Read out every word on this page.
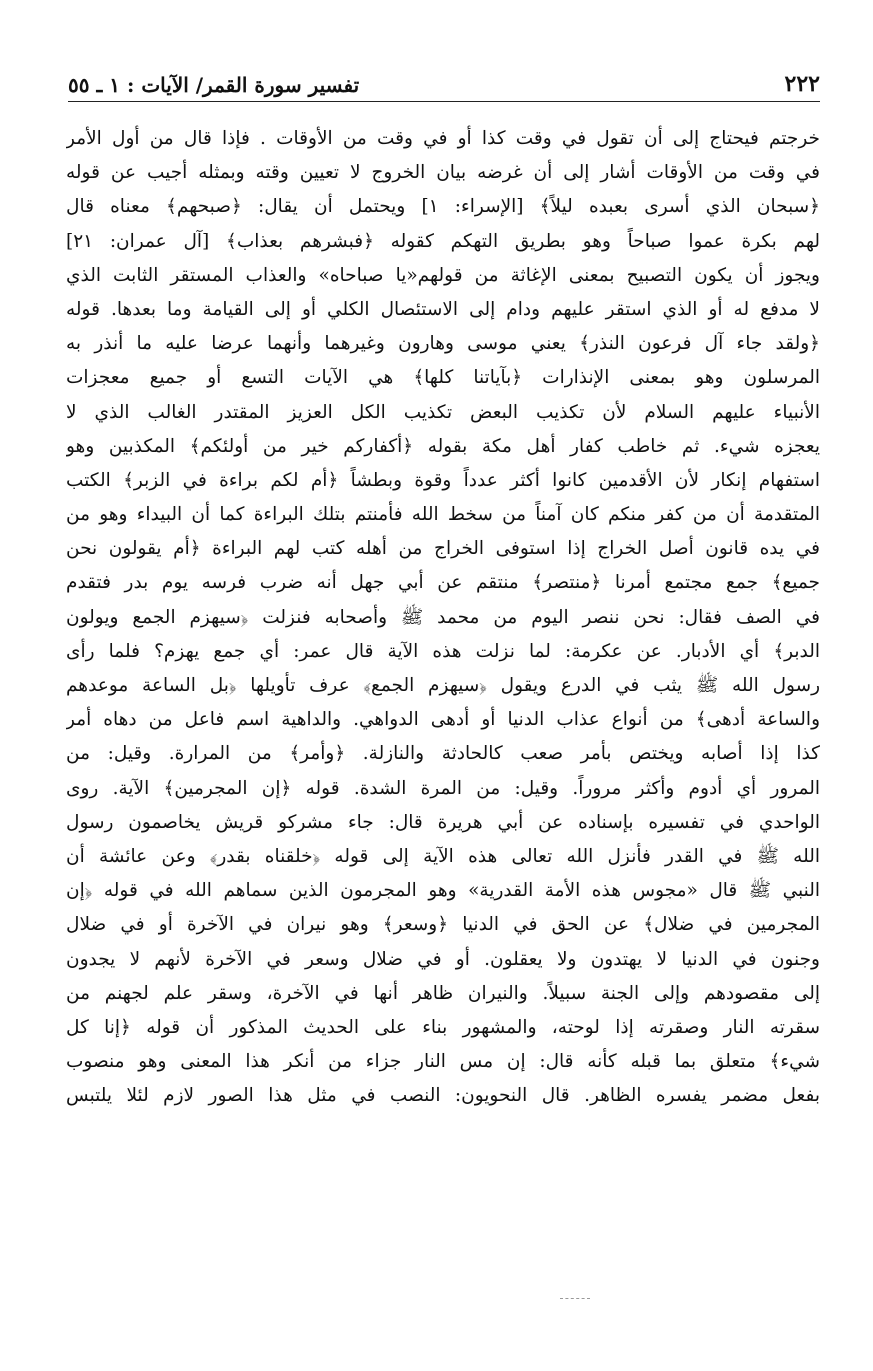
٢٢٢
تفسير سورة القمر/ الآيات : ١ ـ ٥٥
خرجتم فيحتاج إلى أن تقول في وقت كذا أو في وقت من الأوقات . فإذا قال من أول الأمر
في وقت من الأوقات أشار إلى أن غرضه بيان الخروج لا تعيين وقته وبمثله أجيب عن قوله
﴿سبحان الذي أسرى بعبده ليلاً﴾ [الإسراء: ١] ويحتمل أن يقال: ﴿صبحهم﴾ معناه قال
لهم بكرة عموا صباحاً وهو بطريق التهكم كقوله ﴿فبشرهم بعذاب﴾ [آل عمران: ٢١]
ويجوز أن يكون التصبيح بمعنى الإغاثة من قولهم«يا صباحاه» والعذاب المستقر الثابت الذي
لا مدفع له أو الذي استقر عليهم ودام إلى الاستئصال الكلي أو إلى القيامة وما بعدها. قوله
﴿ولقد جاء آل فرعون النذر﴾ يعني موسى وهارون وغيرهما وأنهما عرضا عليه ما أنذر به
المرسلون وهو بمعنى الإنذارات ﴿بآياتنا كلها﴾ هي الآيات التسع أو جميع معجزات
الأنبياء عليهم السلام لأن تكذيب البعض تكذيب الكل العزيز المقتدر الغالب الذي لا
يعجزه شيء. ثم خاطب كفار أهل مكة بقوله ﴿أكفاركم خير من أولئكم﴾ المكذبين وهو
استفهام إنكار لأن الأقدمين كانوا أكثر عدداً وقوة وبطشاً ﴿أم لكم براءة في الزبر﴾ الكتب
المتقدمة أن من كفر منكم كان آمناً من سخط الله فأمنتم بتلك البراءة كما أن البيداء وهو من
في يده قانون أصل الخراج إذا استوفى الخراج من أهله كتب لهم البراءة ﴿أم يقولون نحن
جميع﴾ جمع مجتمع أمرنا ﴿منتصر﴾ منتقم عن أبي جهل أنه ضرب فرسه يوم بدر فتقدم
في الصف فقال: نحن ننصر اليوم من محمد ﷺ وأصحابه فنزلت ﴿سيهزم الجمع ويولون
الدبر﴾ أي الأدبار. عن عكرمة: لما نزلت هذه الآية قال عمر: أي جمع يهزم؟ فلما رأى
رسول الله ﷺ يثب في الدرع ويقول ﴿سيهزم الجمع﴾ عرف تأويلها ﴿بل الساعة موعدهم
والساعة أدهى﴾ من أنواع عذاب الدنيا أو أدهى الدواهي. والداهية اسم فاعل من دهاه أمر
كذا إذا أصابه ويختص بأمر صعب كالحادثة والنازلة. ﴿وأمر﴾ من المرارة. وقيل: من
المرور أي أدوم وأكثر مروراً. وقيل: من المرة الشدة. قوله ﴿إن المجرمين﴾ الآية. روى
الواحدي في تفسيره بإسناده عن أبي هريرة قال: جاء مشركو قريش يخاصمون رسول
الله ﷺ في القدر فأنزل الله تعالى هذه الآية إلى قوله ﴿خلقناه بقدر﴾ وعن عائشة أن
النبي ﷺ قال «مجوس هذه الأمة القدرية» وهو المجرمون الذين سماهم الله في قوله ﴿إن
المجرمين في ضلال﴾ عن الحق في الدنيا ﴿وسعر﴾ وهو نيران في الآخرة أو في ضلال
وجنون في الدنيا لا يهتدون ولا يعقلون. أو في ضلال وسعر في الآخرة لأنهم لا يجدون
إلى مقصودهم وإلى الجنة سبيلاً. والنيران ظاهر أنها في الآخرة، وسقر علم لجهنم من
سقرته النار وصقرته إذا لوحته، والمشهور بناء على الحديث المذكور أن قوله ﴿إنا كل
شيء﴾ متعلق بما قبله كأنه قال: إن مس النار جزاء من أنكر هذا المعنى وهو منصوب
بفعل مضمر يفسره الظاهر. قال النحويون: النصب في مثل هذا الصور لازم لئلا يلتبس
